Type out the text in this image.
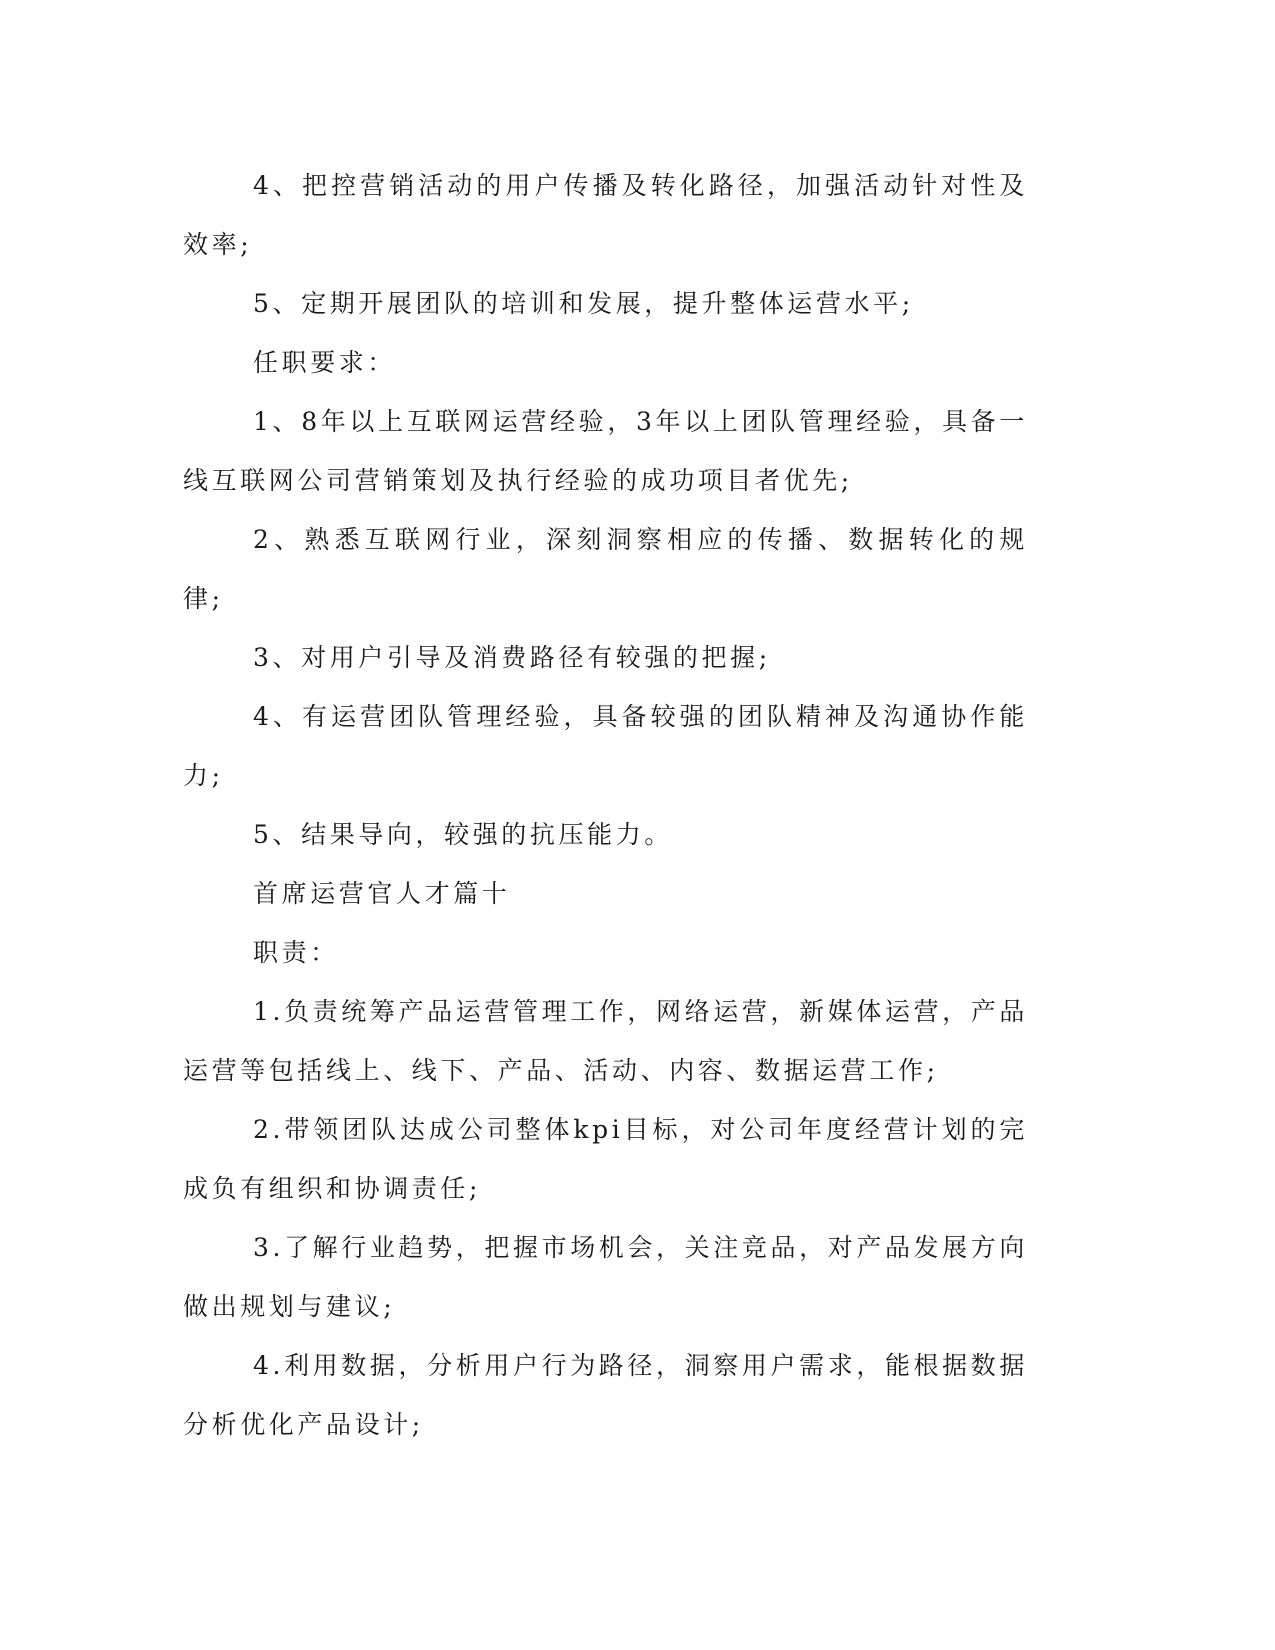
4、把控营销活动的用户传播及转化路径，加强活动针对性及效率;

5、定期开展团队的培训和发展，提升整体运营水平;

任职要求：

1、8年以上互联网运营经验，3年以上团队管理经验，具备一线互联网公司营销策划及执行经验的成功项目者优先;

2、熟悉互联网行业，深刻洞察相应的传播、数据转化的规律;

3、对用户引导及消费路径有较强的把握;

4、有运营团队管理经验，具备较强的团队精神及沟通协作能力;

5、结果导向，较强的抗压能力。

首席运营官人才篇十

职责：

1.负责统筹产品运营管理工作，网络运营，新媒体运营，产品运营等包括线上、线下、产品、活动、内容、数据运营工作;

2.带领团队达成公司整体kpi目标，对公司年度经营计划的完成负有组织和协调责任;

3.了解行业趋势，把握市场机会，关注竞品，对产品发展方向做出规划与建议;

4.利用数据，分析用户行为路径，洞察用户需求，能根据数据分析优化产品设计;
